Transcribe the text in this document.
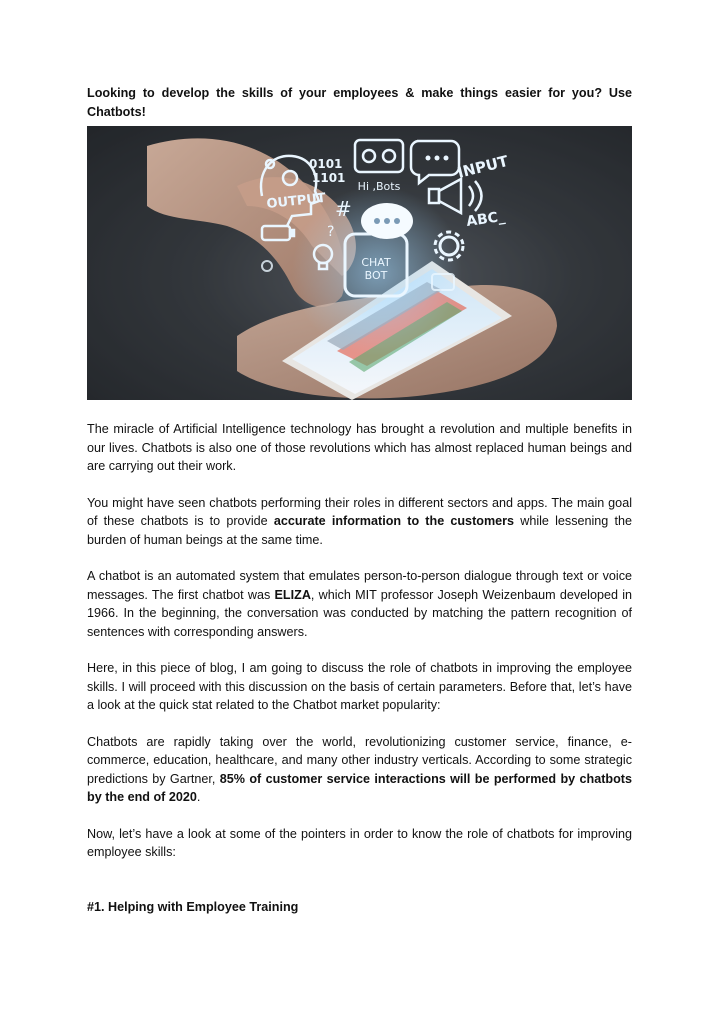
Looking to develop the skills of your employees & make things easier for you? Use Chatbots!

CHAT
BOT
0101
1101
Hi ,Bots
INPUT
ABC_
OUTPUT #
?

The miracle of Artificial Intelligence technology has brought a revolution and multiple benefits in our lives. Chatbots is also one of those revolutions which has almost replaced human beings and are carrying out their work.

You might have seen chatbots performing their roles in different sectors and apps. The main goal of these chatbots is to provide accurate information to the customers while lessening the burden of human beings at the same time.

A chatbot is an automated system that emulates person-to-person dialogue through text or voice messages. The first chatbot was ELIZA, which MIT professor Joseph Weizenbaum developed in 1966. In the beginning, the conversation was conducted by matching the pattern recognition of sentences with corresponding answers.

Here, in this piece of blog, I am going to discuss the role of chatbots in improving the employee skills. I will proceed with this discussion on the basis of certain parameters. Before that, let’s have a look at the quick stat related to the Chatbot market popularity:

Chatbots are rapidly taking over the world, revolutionizing customer service, finance, e-commerce, education, healthcare, and many other industry verticals. According to some strategic predictions by Gartner, 85% of customer service interactions will be performed by chatbots by the end of 2020.

Now, let’s have a look at some of the pointers in order to know the role of chatbots for improving employee skills:

#1. Helping with Employee Training
